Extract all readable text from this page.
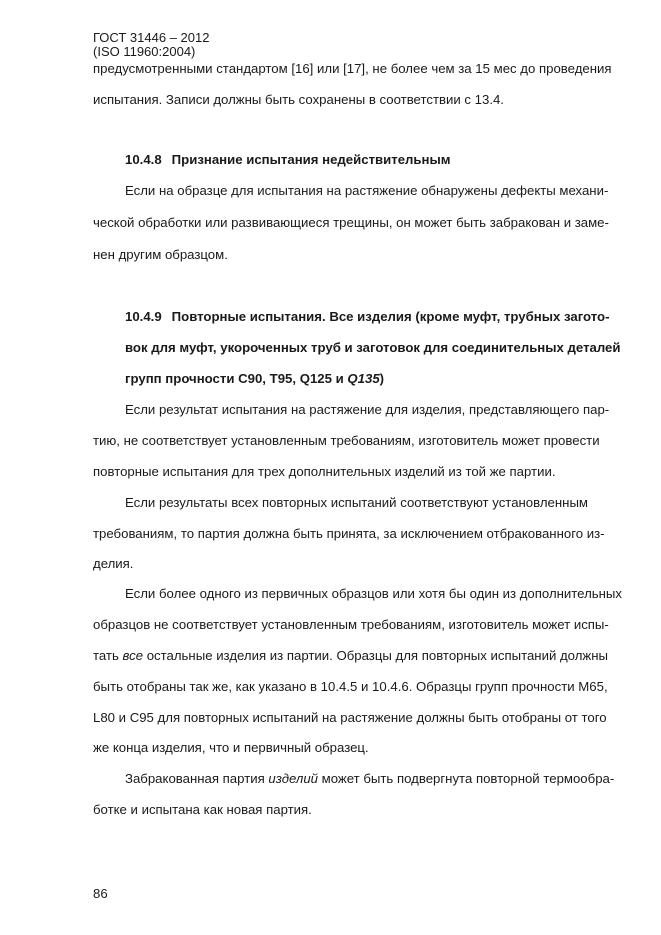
ГОСТ 31446 – 2012
(ISO 11960:2004)
предусмотренными стандартом [16] или [17], не более чем за 15 мес до проведения
испытания. Записи должны быть сохранены в соответствии с 13.4.
10.4.8 Признание испытания недействительным
Если на образце для испытания на растяжение обнаружены дефекты механи-
ческой обработки или развивающиеся трещины, он может быть забракован и заме-
нен другим образцом.
10.4.9 Повторные испытания. Все изделия (кроме муфт, трубных загото-
вок для муфт, укороченных труб и заготовок для соединительных деталей
групп прочности С90, Т95, Q125 и Q135)
Если результат испытания на растяжение для изделия, представляющего пар-
тию, не соответствует установленным требованиям, изготовитель может провести
повторные испытания для трех дополнительных изделий из той же партии.
Если результаты всех повторных испытаний соответствуют установленным
требованиям, то партия должна быть принята, за исключением отбракованного из-
делия.
Если более одного из первичных образцов или хотя бы один из дополнительных
образцов не соответствует установленным требованиям, изготовитель может испы-
тать все остальные изделия из партии. Образцы для повторных испытаний должны
быть отобраны так же, как указано в 10.4.5 и 10.4.6. Образцы групп прочности М65,
L80 и С95 для повторных испытаний на растяжение должны быть отобраны от того
же конца изделия, что и первичный образец.
Забракованная партия изделий может быть подвергнута повторной термообра-
ботке и испытана как новая партия.
86
